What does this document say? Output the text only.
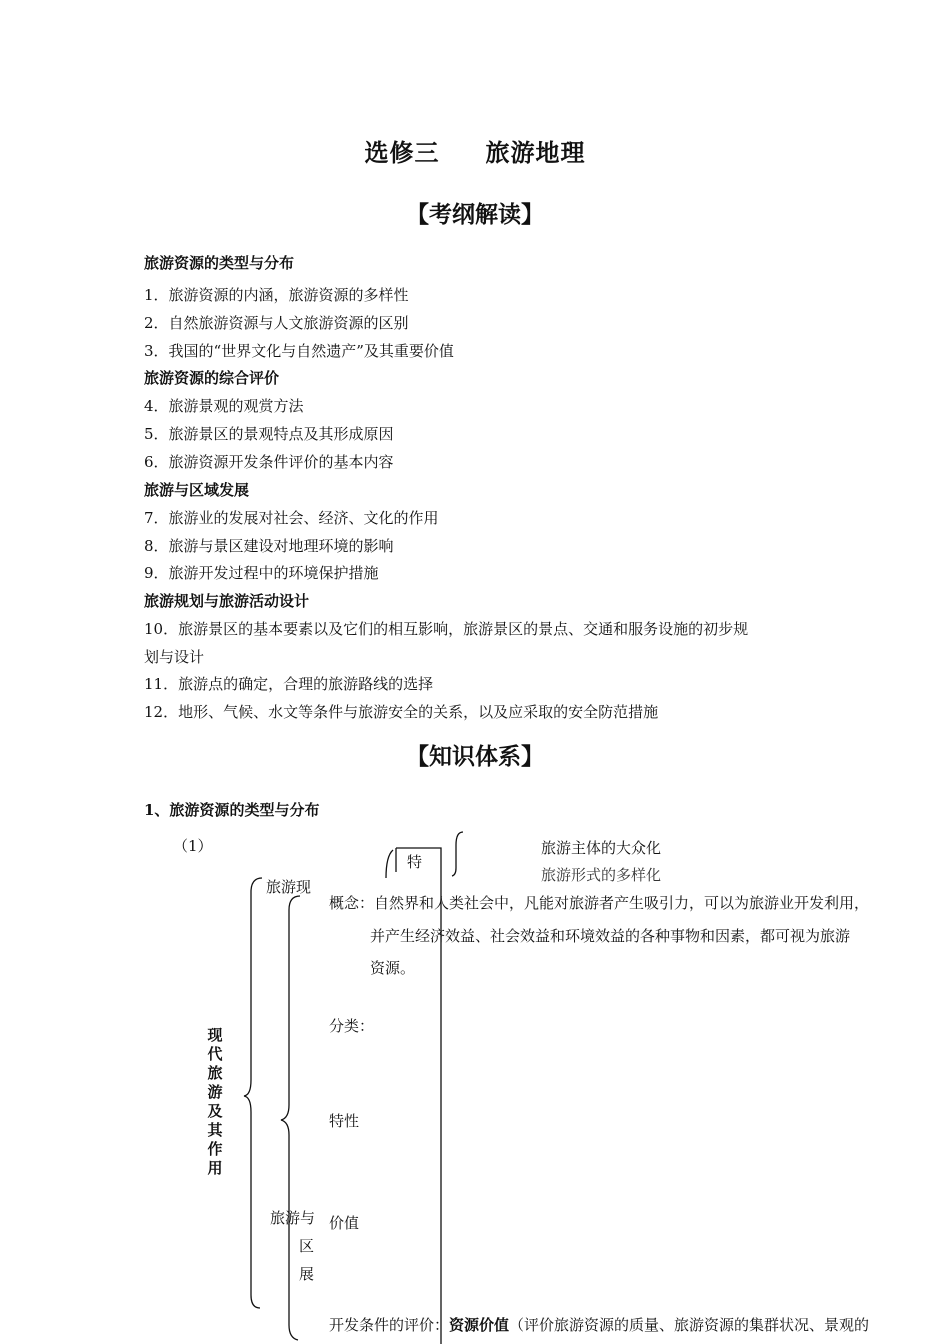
选修三 旅游地理
【考纲解读】
旅游资源的类型与分布
1．旅游资源的内涵，旅游资源的多样性
2．自然旅游资源与人文旅游资源的区别
3．我国的“世界文化与自然遗产”及其重要价值
旅游资源的综合评价
4．旅游景观的观赏方法
5．旅游景区的景观特点及其形成原因
6．旅游资源开发条件评价的基本内容
旅游与区域发展
7．旅游业的发展对社会、经济、文化的作用
8．旅游与景区建设对地理环境的影响
9．旅游开发过程中的环境保护措施
旅游规划与旅游活动设计
10．旅游景区的基本要素以及它们的相互影响，旅游景区的景点、交通和服务设施的初步规
划与设计
11．旅游点的确定，合理的旅游路线的选择
12．地形、气候、水文等条件与旅游安全的关系，以及应采取的安全防范措施
【知识体系】
1、旅游资源的类型与分布
（1）
特
旅游主体的大众化
旅游形式的多样化
旅游现
现代旅游及其作用
概念：自然界和人类社会中，凡能对旅游者产生吸引力，可以为旅游业开发利用，
并产生经济效益、社会效益和环境效益的各种事物和因素，都可视为旅游
资源。
分类：
特性
价值
旅游与
区
展
开发条件的评价：资源价值（评价旅游资源的质量、旅游资源的集群状况、景观的
